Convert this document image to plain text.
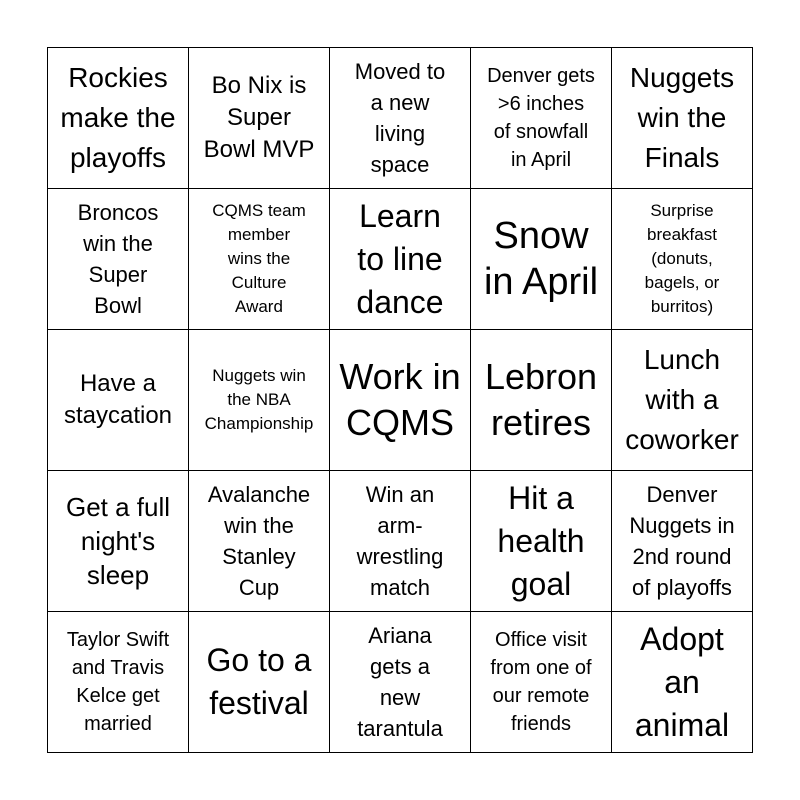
Rockies
make the
playoffs
Bo Nix is
Super
Bowl MVP
Moved to
a new
living
space
Denver gets
>6 inches
of snowfall
in April
Nuggets
win the
Finals
Broncos
win the
Super
Bowl
CQMS team
member
wins the
Culture
Award
Learn
to line
dance
Snow
in April
Surprise
breakfast
(donuts,
bagels, or
burritos)
Have a
staycation
Nuggets win
the NBA
Championship
Work in
CQMS
Lebron
retires
Lunch
with a
coworker
Get a full
night's
sleep
Avalanche
win the
Stanley
Cup
Win an
arm-
wrestling
match
Hit a
health
goal
Denver
Nuggets in
2nd round
of playoffs
Taylor Swift
and Travis
Kelce get
married
Go to a
festival
Ariana
gets a
new
tarantula
Office visit
from one of
our remote
friends
Adopt
an
animal
